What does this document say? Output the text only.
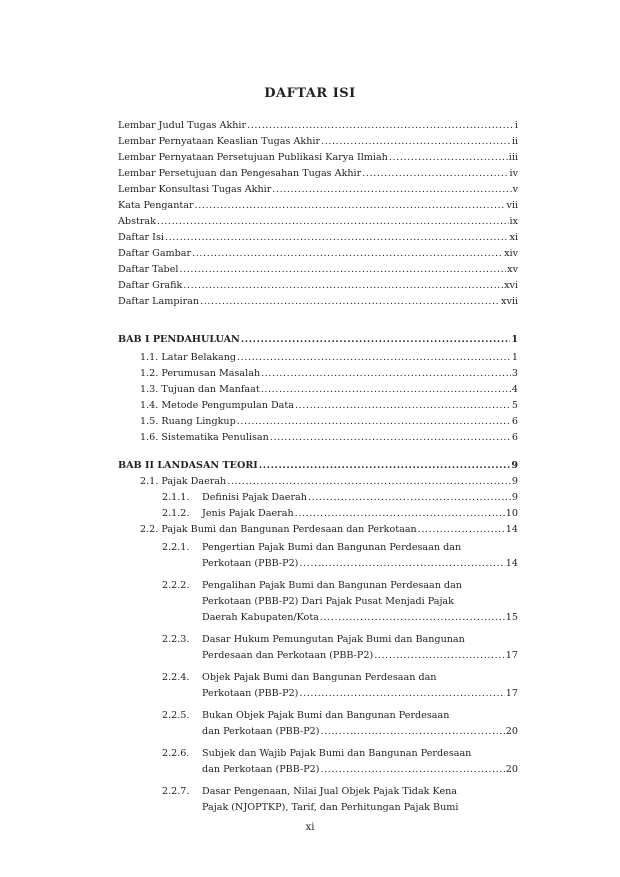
DAFTAR ISI
Lembar Judul Tugas Akhir .....	i
Lembar Pernyataan Keaslian Tugas Akhir .....	ii
Lembar Pernyataan Persetujuan Publikasi Karya Ilmiah .....	iii
Lembar Persetujuan dan Pengesahan Tugas Akhir .....	iv
Lembar Konsultasi Tugas Akhir .....	v
Kata Pengantar .....	vii
Abstrak .....	ix
Daftar Isi .....	xi
Daftar Gambar .....	xiv
Daftar Tabel .....	xv
Daftar Grafik .....	xvi
Daftar Lampiran .....	xvii
BAB I PENDAHULUAN .....	1
1.1. Latar Belakang .....	1
1.2. Perumusan Masalah .....	3
1.3. Tujuan dan Manfaat .....	4
1.4. Metode Pengumpulan Data .....	5
1.5. Ruang Lingkup .....	6
1.6. Sistematika Penulisan .....	6
BAB II LANDASAN TEORI .....	9
2.1. Pajak Daerah .....	9
2.1.1. Definisi Pajak Daerah .....	9
2.1.2. Jenis Pajak Daerah .....	10
2.2. Pajak Bumi dan Bangunan Perdesaan dan Perkotaan .....	14
2.2.1. Pengertian Pajak Bumi dan Bangunan Perdesaan dan
Perkotaan (PBB-P2) .....	14
2.2.2. Pengalihan Pajak Bumi dan Bangunan Perdesaan dan
Perkotaan (PBB-P2) Dari Pajak Pusat Menjadi Pajak
Daerah Kabupaten/Kota .....	15
2.2.3. Dasar Hukum Pemungutan Pajak Bumi dan Bangunan
Perdesaan dan Perkotaan (PBB-P2) .....	17
2.2.4. Objek Pajak Bumi dan Bangunan Perdesaan dan
Perkotaan (PBB-P2) .....	17
2.2.5. Bukan Objek Pajak Bumi dan Bangunan Perdesaan
dan Perkotaan (PBB-P2) .....	20
2.2.6. Subjek dan Wajib Pajak Bumi dan Bangunan Perdesaan
dan Perkotaan (PBB-P2) .....	20
2.2.7. Dasar Pengenaan, Nilai Jual Objek Pajak Tidak Kena
Pajak (NJOPTKP), Tarif, dan Perhitungan Pajak Bumi
xi
